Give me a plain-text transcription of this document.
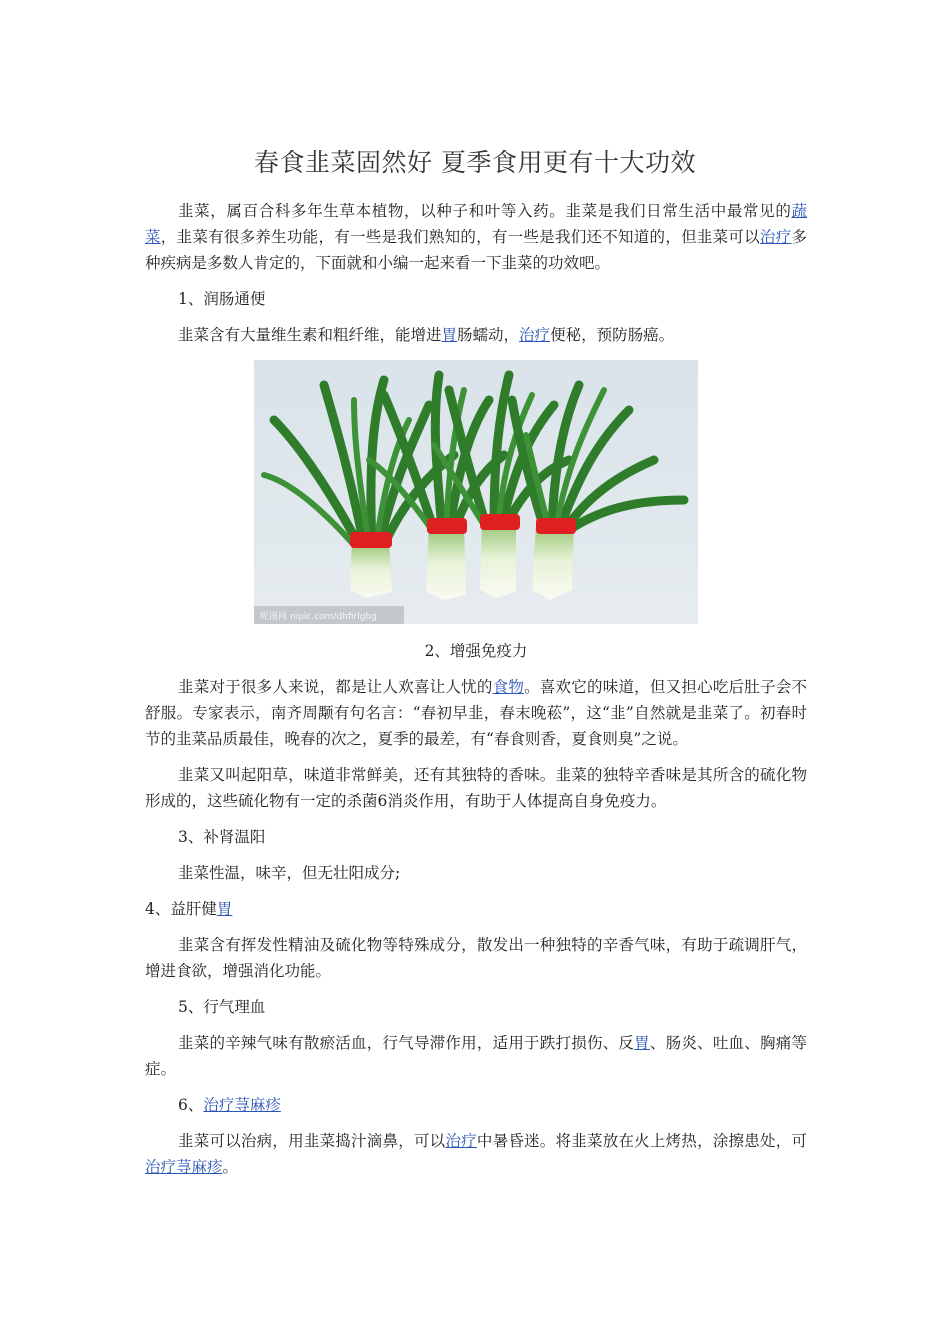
春食韭菜固然好 夏季食用更有十大功效

韭菜，属百合科多年生草本植物，以种子和叶等入药。韭菜是我们日常生活中最常见的蔬菜，韭菜有很多养生功能，有一些是我们熟知的，有一些是我们还不知道的，但韭菜可以治疗多种疾病是多数人肯定的，下面就和小编一起来看一下韭菜的功效吧。

1、润肠通便

韭菜含有大量维生素和粗纤维，能增进胃肠蠕动，治疗便秘，预防肠癌。

昵图网 nipic.com/dhfirlgbg

2、增强免疫力

韭菜对于很多人来说，都是让人欢喜让人忧的食物。喜欢它的味道，但又担心吃后肚子会不舒服。专家表示，南齐周颙有句名言：“春初早韭，春末晚菘”，这“韭”自然就是韭菜了。初春时节的韭菜品质最佳，晚春的次之，夏季的最差，有“春食则香，夏食则臭”之说。

韭菜又叫起阳草，味道非常鲜美，还有其独特的香味。韭菜的独特辛香味是其所含的硫化物形成的，这些硫化物有一定的杀菌6消炎作用，有助于人体提高自身免疫力。

3、补肾温阳

韭菜性温，味辛，但无壮阳成分;

4、益肝健胃

韭菜含有挥发性精油及硫化物等特殊成分，散发出一种独特的辛香气味，有助于疏调肝气，增进食欲，增强消化功能。

5、行气理血

韭菜的辛辣气味有散瘀活血，行气导滞作用，适用于跌打损伤、反胃、肠炎、吐血、胸痛等症。

6、治疗荨麻疹

韭菜可以治病，用韭菜捣汁滴鼻，可以治疗中暑昏迷。将韭菜放在火上烤热，涂擦患处，可治疗荨麻疹。
